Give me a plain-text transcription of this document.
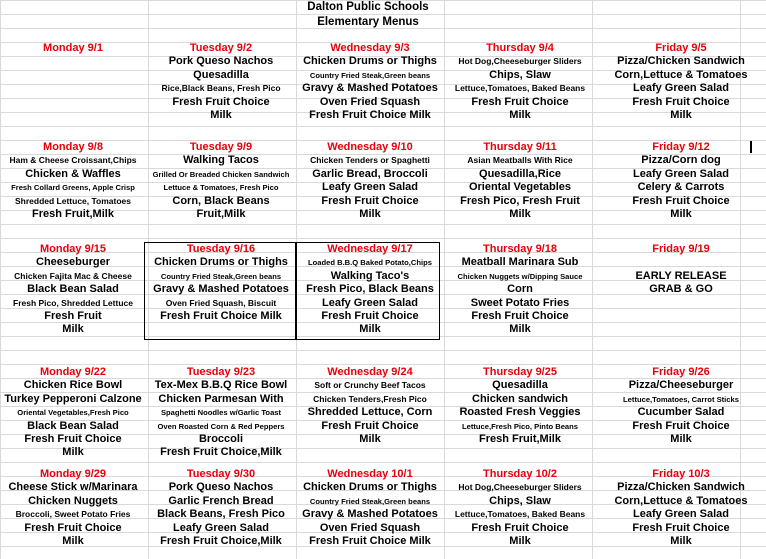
Dalton Public Schools
Elementary Menus
Monday 9/1	Tuesday 9/2
Pork Queso Nachos
Quesadilla
Rice,Black Beans, Fresh Pico
Fresh Fruit Choice
Milk
Wednesday 9/3
Chicken Drums or Thighs
Country Fried Steak,Green beans
Gravy & Mashed Potatoes
Oven Fried Squash
Fresh Fruit Choice Milk
Thursday 9/4
Hot Dog,Cheeseburger Sliders
Chips, Slaw
Lettuce,Tomatoes, Baked Beans
Fresh Fruit Choice
Milk
Friday 9/5
Pizza/Chicken Sandwich
Corn,Lettuce & Tomatoes
Leafy Green Salad
Fresh Fruit Choice
Milk
Monday 9/8
Ham & Cheese Croissant,Chips
Chicken & Waffles
Fresh Collard Greens, Apple Crisp
Shredded Lettuce, Tomatoes
Fresh Fruit,Milk
Tuesday 9/9
Walking Tacos
Grilled Or Breaded Chicken Sandwich
Lettuce & Tomatoes, Fresh Pico
Corn, Black Beans
Fruit,Milk
Wednesday 9/10
Chicken Tenders or Spaghetti
Garlic Bread, Broccoli
Leafy Green Salad
Fresh Fruit Choice
Milk
Thursday 9/11
Asian Meatballs With Rice
Quesadilla,Rice
Oriental Vegetables
Fresh Pico, Fresh Fruit
Milk
Friday 9/12
Pizza/Corn dog
Leafy Green Salad
Celery & Carrots
Fresh Fruit Choice
Milk
Monday 9/15
Cheeseburger
Chicken Fajita Mac & Cheese
Black Bean Salad
Fresh Pico, Shredded Lettuce
Fresh Fruit
Milk
Tuesday 9/16
Chicken Drums or Thighs
Country Fried Steak,Green beans
Gravy & Mashed Potatoes
Oven Fried Squash, Biscuit
Fresh Fruit Choice Milk
Wednesday 9/17
Loaded B.B.Q Baked Potato,Chips
Walking Taco's
Fresh Pico, Black Beans
Leafy Green Salad
Fresh Fruit Choice
Milk
Thursday 9/18
Meatball Marinara Sub
Chicken Nuggets w/Dipping Sauce
Corn
Sweet Potato Fries
Fresh Fruit Choice
Milk
Friday 9/19
EARLY RELEASE
GRAB & GO
Monday 9/22
Chicken Rice Bowl
Turkey Pepperoni Calzone
Oriental Vegetables,Fresh Pico
Black Bean Salad
Fresh Fruit Choice
Milk
Tuesday 9/23
Tex-Mex B.B.Q Rice Bowl
Chicken Parmesan With
Spaghetti Noodles w/Garlic Toast
Oven Roasted Corn & Red Peppers
Broccoli
Fresh Fruit Choice,Milk
Wednesday 9/24
Soft or Crunchy Beef Tacos
Chicken Tenders,Fresh Pico
Shredded Lettuce, Corn
Fresh Fruit Choice
Milk
Thursday 9/25
Quesadilla
Chicken sandwich
Roasted Fresh Veggies
Lettuce,Fresh Pico, Pinto Beans
Fresh Fruit,Milk
Friday 9/26
Pizza/Cheeseburger
Lettuce,Tomatoes, Carrot Sticks
Cucumber Salad
Fresh Fruit Choice
Milk
Monday 9/29
Cheese Stick w/Marinara
Chicken Nuggets
Broccoli, Sweet Potato Fries
Fresh Fruit Choice
Milk
Tuesday 9/30
Pork Queso Nachos
Garlic French Bread
Black Beans, Fresh Pico
Leafy Green Salad
Fresh Fruit Choice,Milk
Wednesday 10/1
Chicken Drums or Thighs
Country Fried Steak,Green beans
Gravy & Mashed Potatoes
Oven Fried Squash
Fresh Fruit Choice Milk
Thursday 10/2
Hot Dog,Cheeseburger Sliders
Chips, Slaw
Lettuce,Tomatoes, Baked Beans
Fresh Fruit Choice
Milk
Friday 10/3
Pizza/Chicken Sandwich
Corn,Lettuce & Tomatoes
Leafy Green Salad
Fresh Fruit Choice
Milk
